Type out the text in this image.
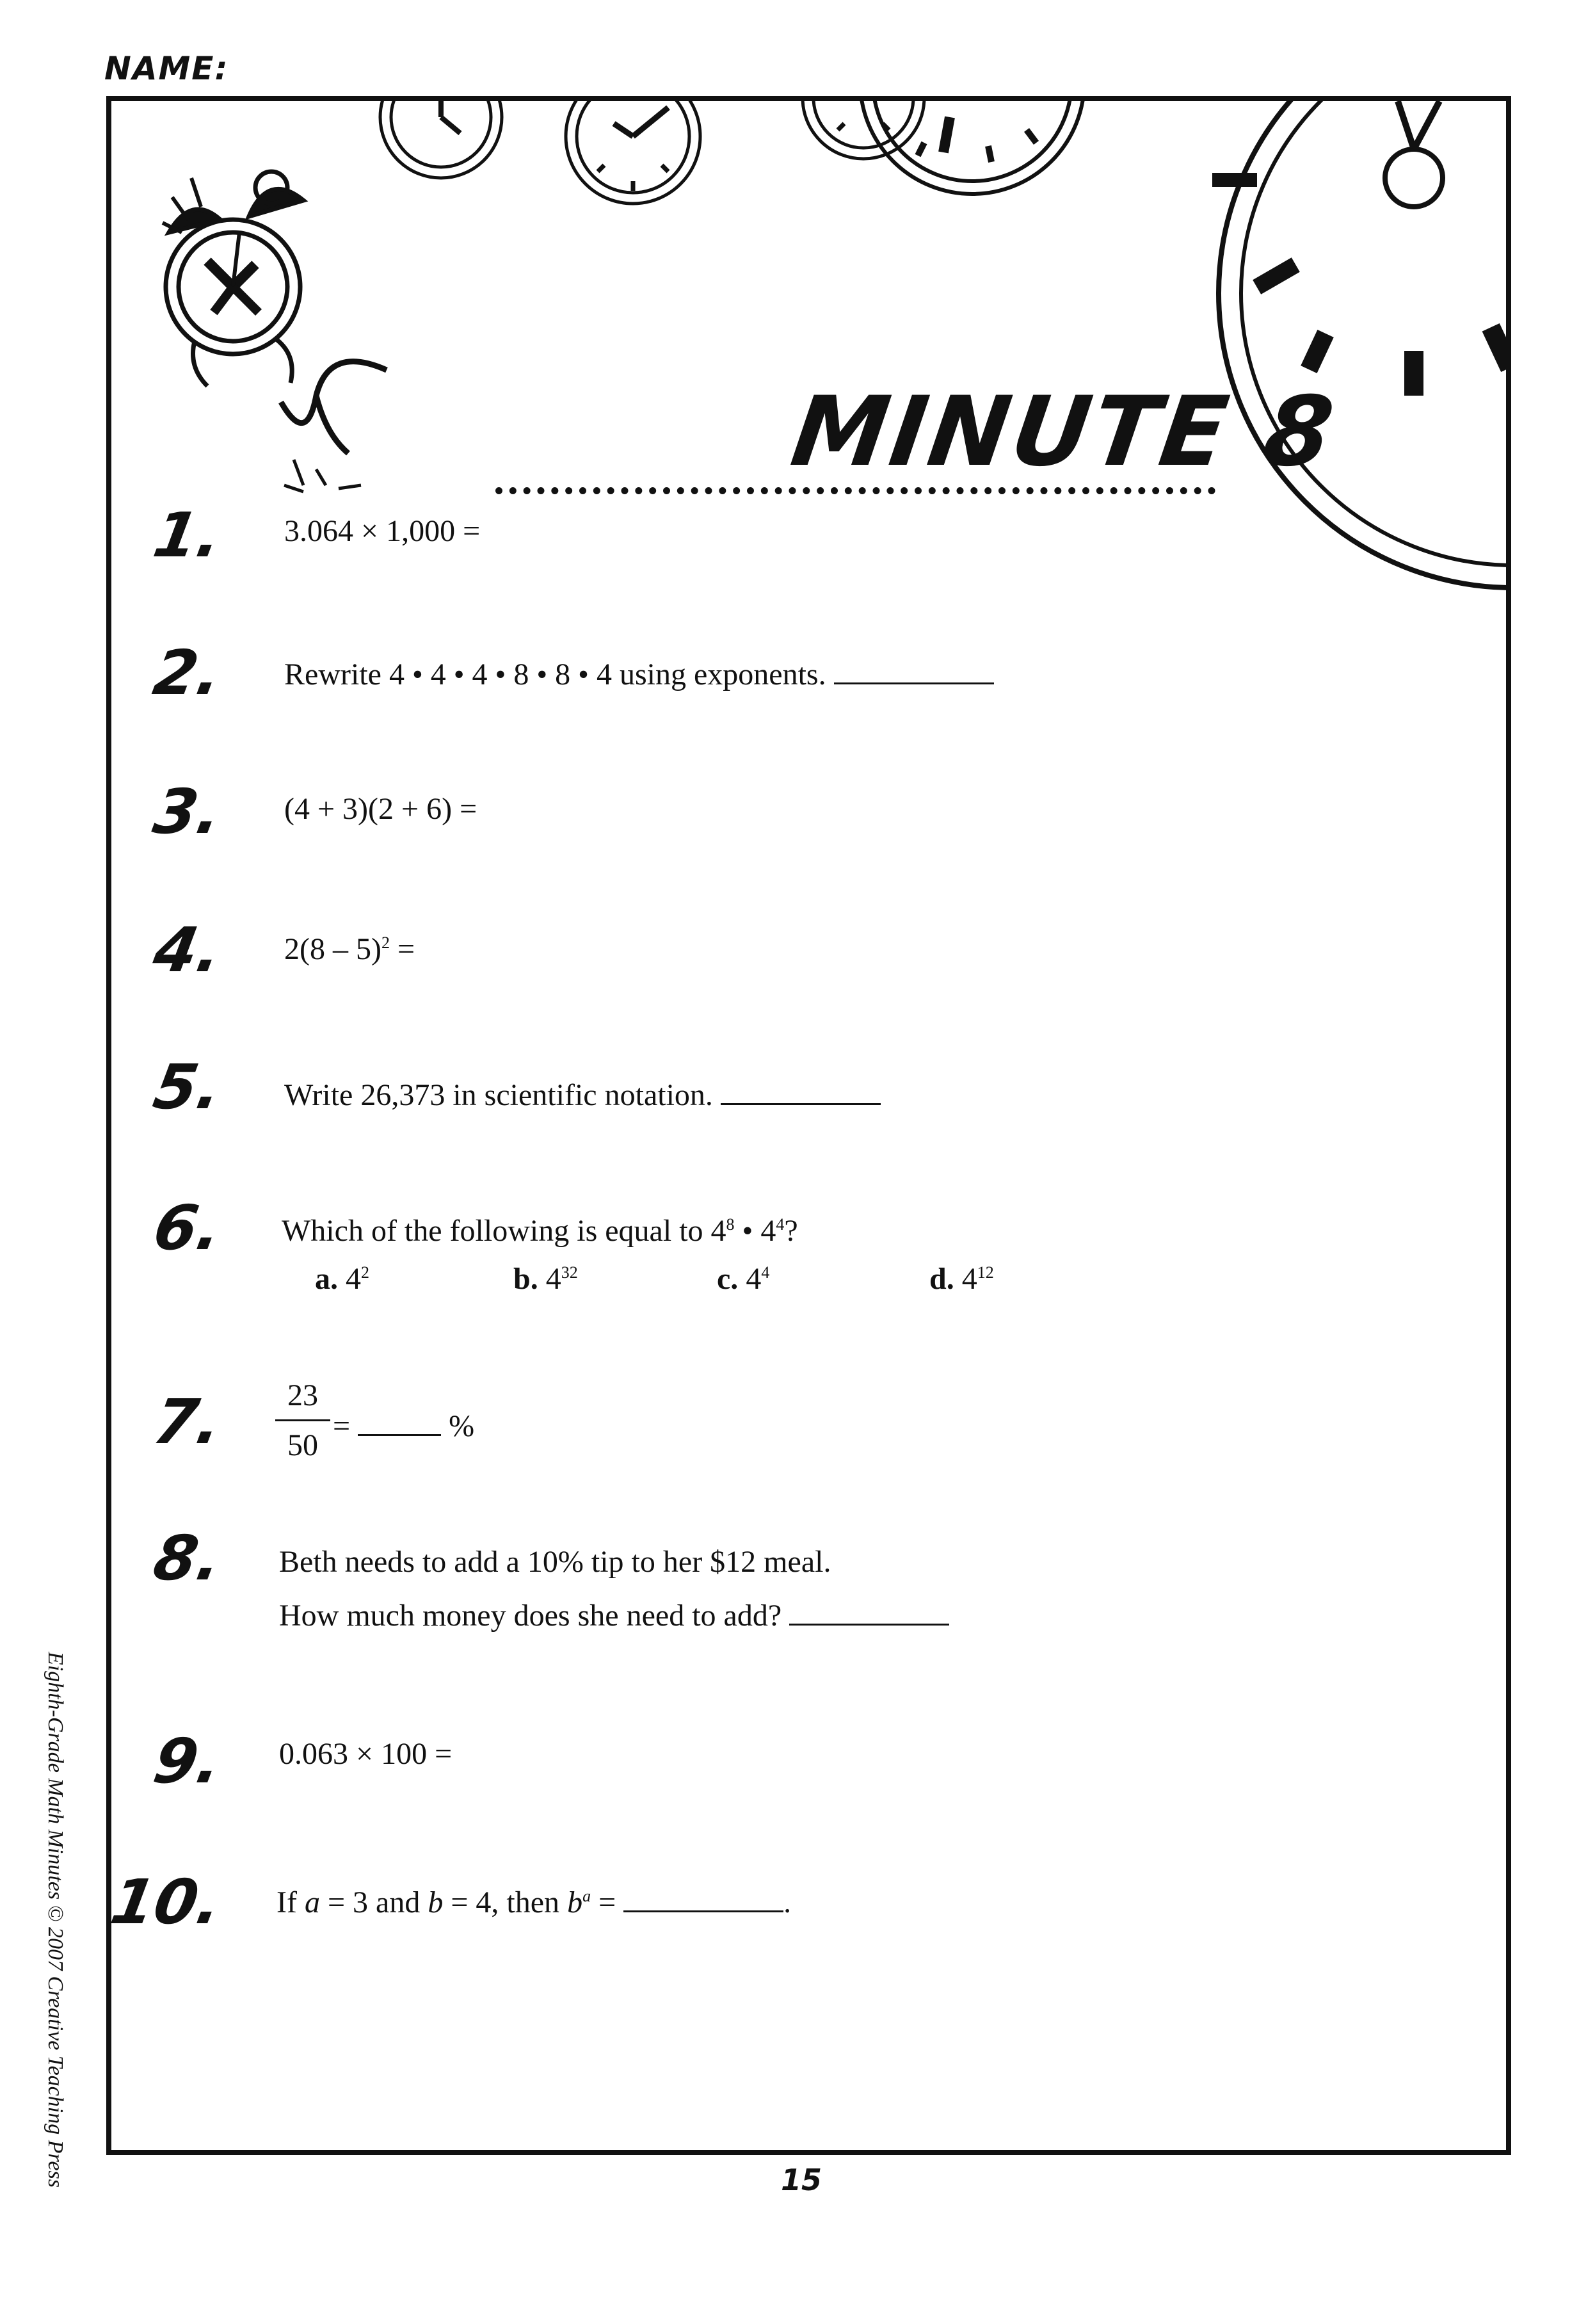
NAME:
MINUTE 8
1. 3.064 × 1,000 =
2. Rewrite 4 • 4 • 4 • 8 • 8 • 4 using exponents.
3. (4 + 3)(2 + 6) =
4. 2(8 – 5)$^2$ =
5. Write 26,373 in scientific notation.
6. Which of the following is equal to $4^8$ • $4^4$?
a. $4^2$	b. $4^{32}$	c. $4^4$	d. $4^{12}$
7.	23
50
=	%
8. Beth needs to add a 10% tip to her $12 meal.
How much money does she need to add?
9. 0.063 × 100 =
10. If a = 3 and b = 4, then $b^a$ =	.
Eighth-Grade Math Minutes © 2007 Creative Teaching Press	15
